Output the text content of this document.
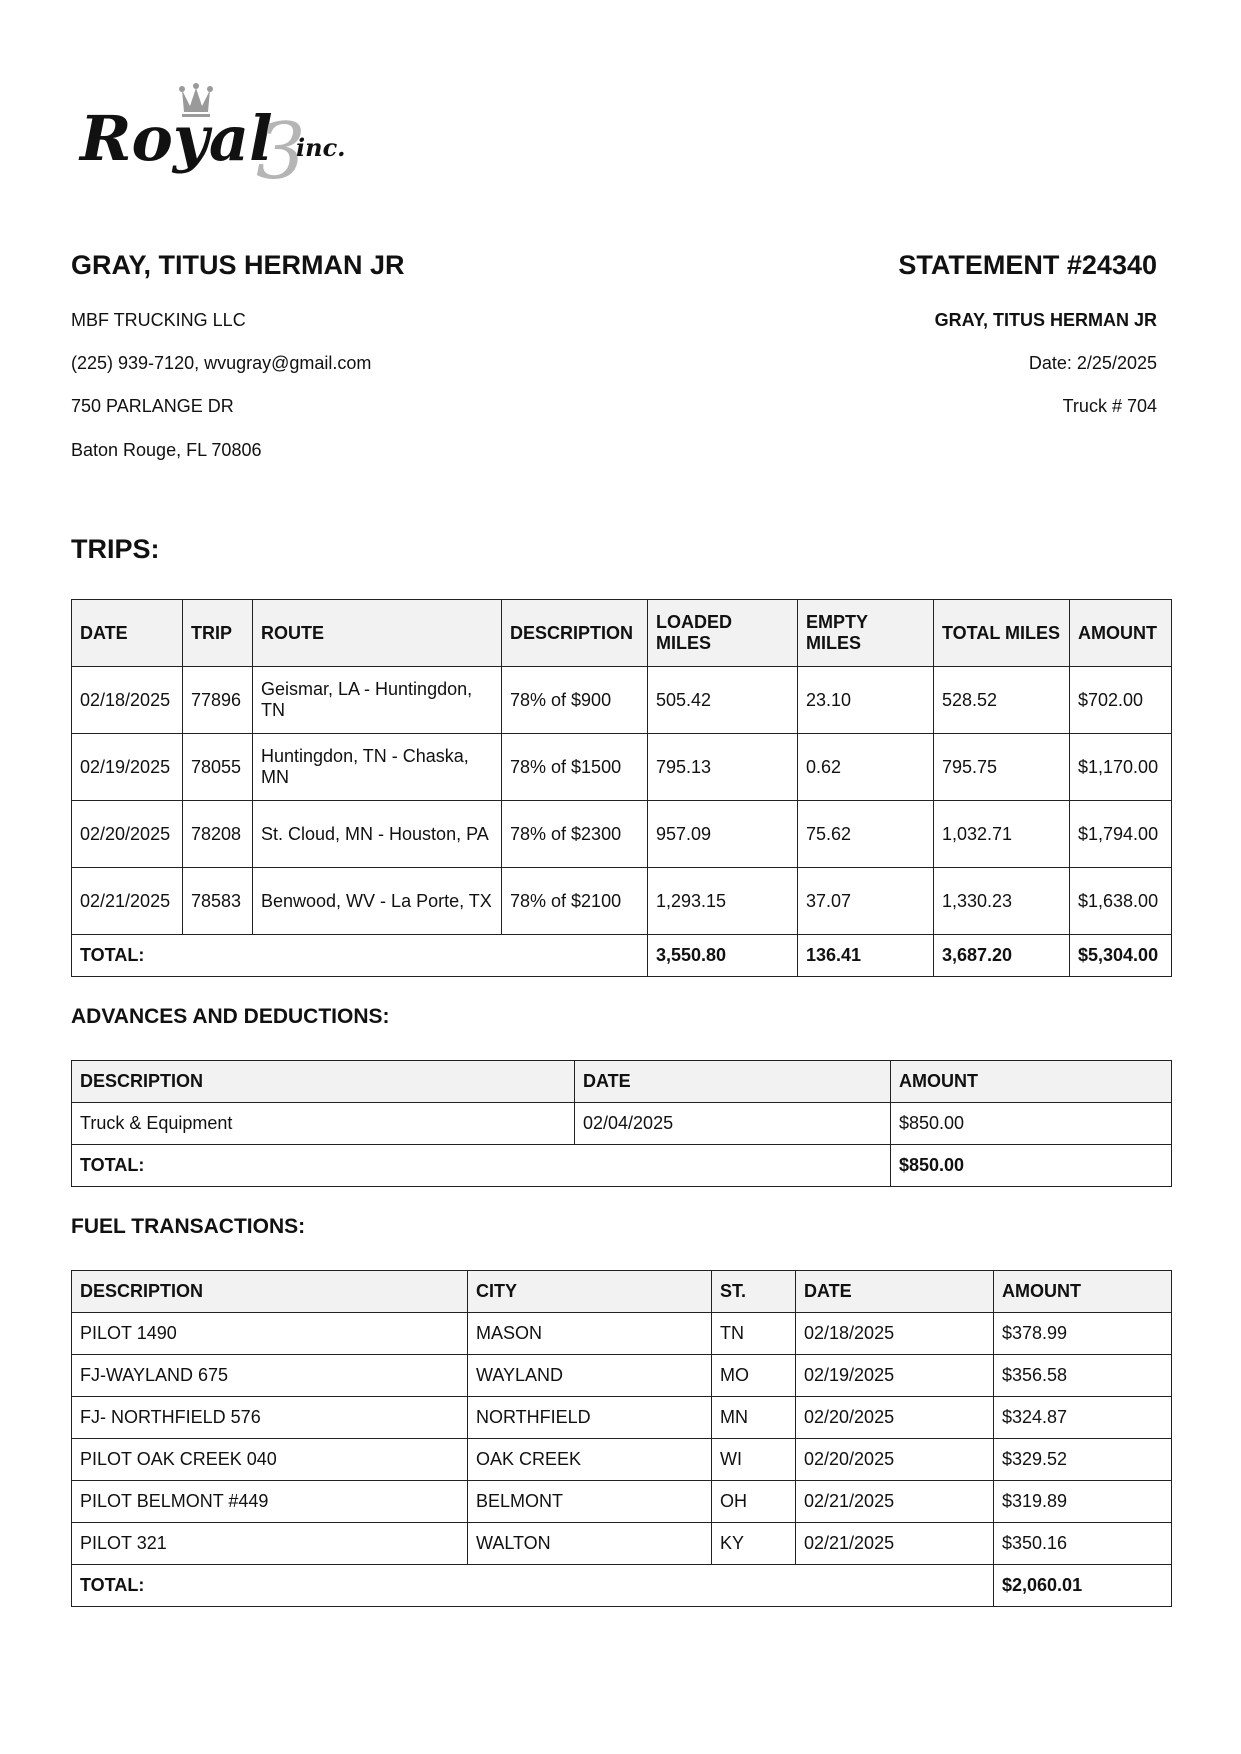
Royal
3
inc.
GRAY, TITUS HERMAN JR
MBF TRUCKING LLC
(225) 939-7120, wvugray@gmail.com
750 PARLANGE DR
Baton Rouge, FL 70806
STATEMENT #24340
GRAY, TITUS HERMAN JR
Date: 2/25/2025
Truck # 704
TRIPS:
DATE	TRIP	ROUTE	DESCRIPTION	LOADED MILES	EMPTY MILES	TOTAL MILES	AMOUNT
02/18/2025	77896	Geismar, LA - Huntingdon, TN	78% of $900	505.42	23.10	528.52	$702.00
02/19/2025	78055	Huntingdon, TN - Chaska, MN	78% of $1500	795.13	0.62	795.75	$1,170.00
02/20/2025	78208	St. Cloud, MN - Houston, PA	78% of $2300	957.09	75.62	1,032.71	$1,794.00
02/21/2025	78583	Benwood, WV - La Porte, TX	78% of $2100	1,293.15	37.07	1,330.23	$1,638.00
TOTAL:				3,550.80	136.41	3,687.20	$5,304.00
ADVANCES AND DEDUCTIONS:
DESCRIPTION	DATE	AMOUNT
Truck & Equipment	02/04/2025	$850.00
TOTAL:		$850.00
FUEL TRANSACTIONS:
DESCRIPTION	CITY	ST.	DATE	AMOUNT
PILOT 1490	MASON	TN	02/18/2025	$378.99
FJ-WAYLAND 675	WAYLAND	MO	02/19/2025	$356.58
FJ- NORTHFIELD 576	NORTHFIELD	MN	02/20/2025	$324.87
PILOT OAK CREEK 040	OAK CREEK	WI	02/20/2025	$329.52
PILOT BELMONT #449	BELMONT	OH	02/21/2025	$319.89
PILOT 321	WALTON	KY	02/21/2025	$350.16
TOTAL:				$2,060.01
